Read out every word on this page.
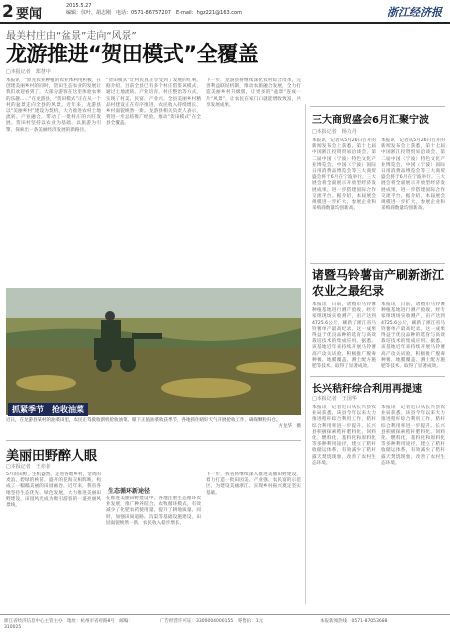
2 要闻
2015.5.27
编辑：仪叶、胡志刚　电话：0571-86757207　E-mail：hgz221@163.com	浙江经济报
最美村庄由“盆景”走向“风景”
龙游推进“贺田模式”全覆盖
□本报记者　郑慧中
本报讯　“原先农业种植的农业体利用积极，在创建美丽乡村的同时，贺田生态农业的发展让我们欢迎看到了，大部分游客在这里体验农事的乐趣……”在龙游县，“贺田模式”正在从一个村的盆景走向全县的风景。近年来，龙游县以“美丽乡村”建设为契机，大力推进农村土地流转、产业融合，带动了一批村庄的兴旺发展。贺田村坚持以农业为基础、以旅游为引擎，探索出一条美丽经济发展的新路径。
“贺田模式”让村民真正享受到了发展的红利。据介绍，目前全县已有多个村庄借鉴该模式，通过土地流转、产业培育、村庄整治等方式，实现了村美、民富、产业兴。全县美丽乡村精品村建设正在有序推进，农民收入持续增长，乡村面貌焕然一新。龙游县相关负责人表示，将进一步总结推广经验，推动“贺田模式”在全县全覆盖。
下一步，龙游县将继续深化农村综合改革，完善利益联结机制，推动农旅融合发展，全力打造美丽乡村升级版，让更多的“盆景”连成一片“风景”，让农民在家门口就能增收致富，共享发展成果。
抓紧季节　抢收油菜
近日，在龙游县某村的油菜田里，农民正驾驶收割机抢收油菜。眼下正值油菜收获季节，各地抓住晴好天气开展抢收工作，确保颗粒归仓。
方龙华　摄
三大商贸盛会6月汇聚宁波
□本报记者　杨力丹
本报讯　记者从5月26日召开的新闻发布会上获悉，第十七届中国浙江投资贸易洽谈会、第二届中国（宁波）特色文化产业博览会、中国（宁波）国际日用消费品博览会等三大商贸盛会将于6月在宁波举行。三大展会将全面展示开放型经济发展成果，进一步搭建国际合作交流平台。据介绍，本届展会规模进一步扩大，参展企业和采购商数量均创新高。
本报讯　记者从5月26日召开的新闻发布会上获悉，第十七届中国浙江投资贸易洽谈会、第二届中国（宁波）特色文化产业博览会、中国（宁波）国际日用消费品博览会等三大商贸盛会将于6月在宁波举行。三大展会将全面展示开放型经济发展成果，进一步搭建国际合作交流平台。据介绍，本届展会规模进一步扩大，参展企业和采购商数量均创新高。
诸暨马铃薯亩产刷新浙江农业之最纪录
本报讯　日前，诸暨市马铃薯种植基地进行测产验收，经专家组现场实收测产，亩产达到4725.6公斤，刷新了浙江省马铃薯单产最高纪录。这一成果得益于优良品种的选育与高效栽培技术的集成应用。据悉，该基地近年来持续开展马铃薯高产攻关试验，积极推广脱毒种薯、地膜覆盖、测土配方施肥等技术，取得了显著成效。
本报讯　日前，诸暨市马铃薯种植基地进行测产验收，经专家组现场实收测产，亩产达到4725.6公斤，刷新了浙江省马铃薯单产最高纪录。这一成果得益于优良品种的选育与高效栽培技术的集成应用。据悉，该基地近年来持续开展马铃薯高产攻关试验，积极推广脱毒种薯、地膜覆盖、测土配方施肥等技术，取得了显著成效。
长兴秸秆综合利用再提速
□本报记者　王国华
本报讯　记者近日从长兴县农业局获悉，该县今年以来大力推进秸秆综合利用工作，秸秆综合利用率进一步提升。长兴县积极探索秸秆肥料化、饲料化、燃料化、基料化和原料化等多种利用途径，建立了秸秆收储运体系，有效减少了秸秆露天焚烧现象，改善了农村生态环境。
本报讯　记者近日从长兴县农业局获悉，该县今年以来大力推进秸秆综合利用工作，秸秆综合利用率进一步提升。长兴县积极探索秸秆肥料化、饲料化、燃料化、基料化和原料化等多种利用途径，建立了秸秆收储运体系，有效减少了秸秆露天焚烧现象，改善了农村生态环境。
美丽田野醉人眼
□本报记者　王亦菲
5月的田野，生机盎然。走进各地乡村，金黄的麦浪、碧绿的秧苗、盛开的花海交相辉映，构成了一幅幅美丽的田园画卷。近年来，我省各地坚持生态优先、绿色发展，大力推进美丽田野建设，田园风光成为吸引游客的一道亮丽风景线。
生态循环新途径
在推进美丽田野建设中，各地注重生态循环农业发展，推广种养结合、农牧循环模式，有效减少了化肥农药使用量，提升了耕地质量。同时，加强田间道路、沟渠等基础设施建设，田园面貌焕然一新，农民收入稳步增长。
下一步，我省将继续深入推进美丽田野建设，着力打造一批田园美、产业强、农民富的示范区，为建设美丽浙江、实现乡村振兴奠定坚实基础。
浙江省经济信息中心主管主办　地址：杭州市省府路8号　邮编：310025
广告经营许可证：3300004000155　零售价：1元	本报新闻热线：0571-87053688
